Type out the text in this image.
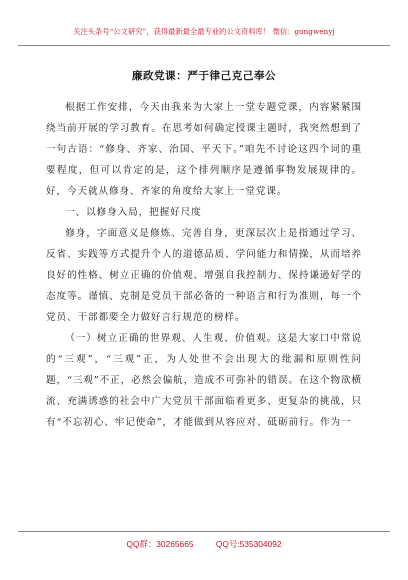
关注头条号“公文研究”，获得最新最全最专业的公文资料库！ 微信：gongwenyj
廉政党课：严于律己克己奉公

根据工作安排，今天由我来为大家上一堂专题党课，内容紧紧围绕当前开展的学习教育。在思考如何确定授课主题时，我突然想到了一句古语：“修身、齐家、治国、平天下。”咱先不讨论这四个词的重要程度，但可以肯定的是，这个排列顺序是遵循事物发展规律的。好，今天就从修身、齐家的角度给大家上一堂党课。

一、以修身入局，把握好尺度

修身，字面意义是修炼、完善自身，更深层次上是指通过学习、反省、实践等方式提升个人的道德品质、学问能力和情操，从而培养良好的性格、树立正确的价值观、增强自我控制力、保持谦逊好学的态度等。谨慎、克制是党员干部必备的一种语言和行为准则，每一个党员、干部都要全力做好言行规范的榜样。

（一）树立正确的世界观、人生观、价值观。这是大家口中常说的“三观”，“三观”正，为人处世不会出现大的纰漏和原则性问题，“三观”不正，必然会偏航，造成不可弥补的错误。在这个物欲横流、充满诱惑的社会中广大党员干部面临着更多、更复杂的挑战，只有“不忘初心、牢记使命”，才能做到从容应对、砥砺前行。作为一

QQ群：30265665	QQ号:535304092
